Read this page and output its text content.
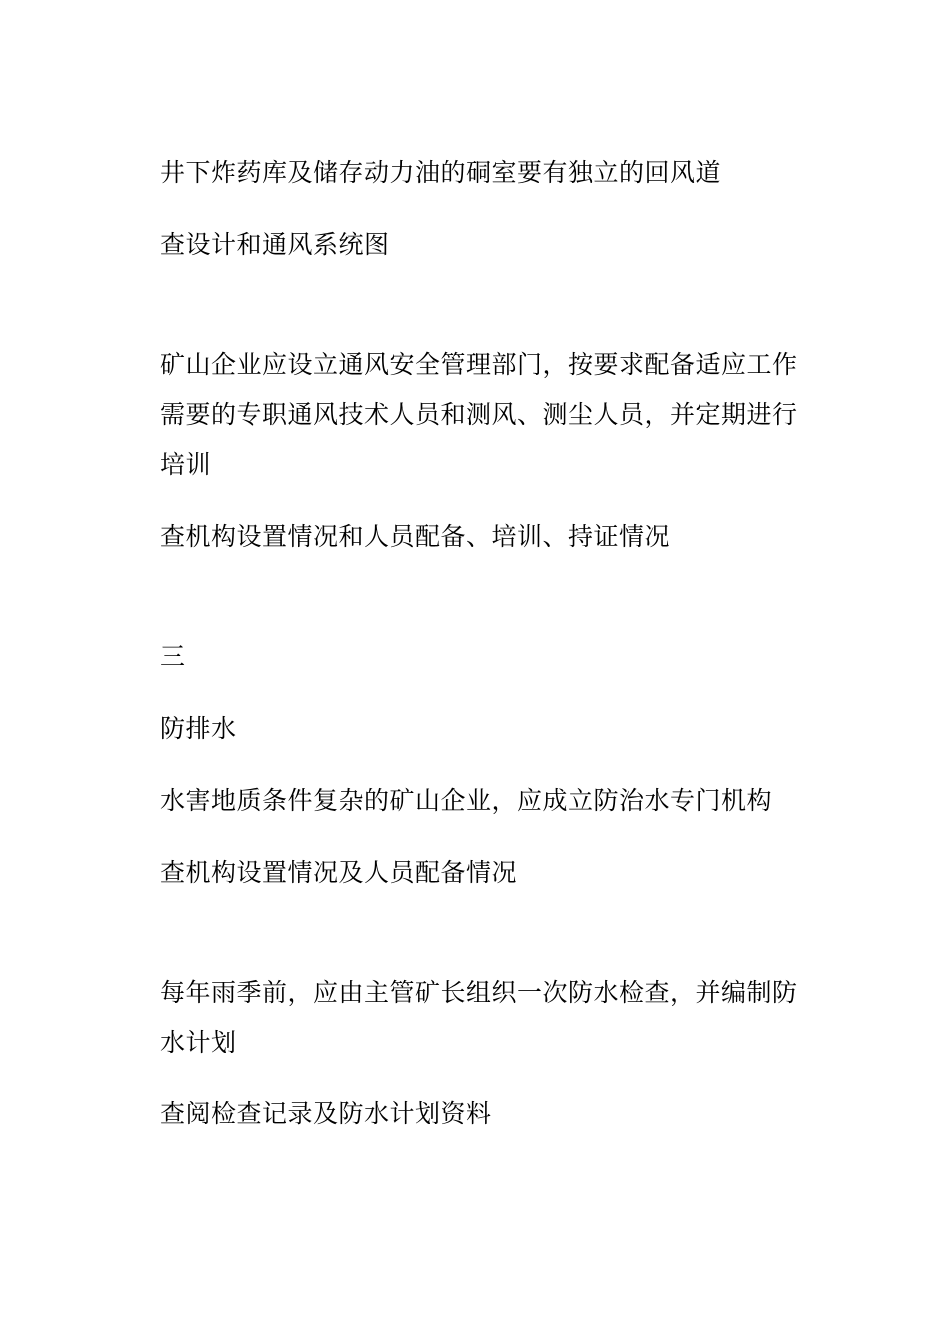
井下炸药库及储存动力油的硐室要有独立的回风道

查设计和通风系统图

矿山企业应设立通风安全管理部门，按要求配备适应工作需要的专职通风技术人员和测风、测尘人员，并定期进行培训

查机构设置情况和人员配备、培训、持证情况

三

防排水

水害地质条件复杂的矿山企业，应成立防治水专门机构

查机构设置情况及人员配备情况

每年雨季前，应由主管矿长组织一次防水检查，并编制防水计划

查阅检查记录及防水计划资料
